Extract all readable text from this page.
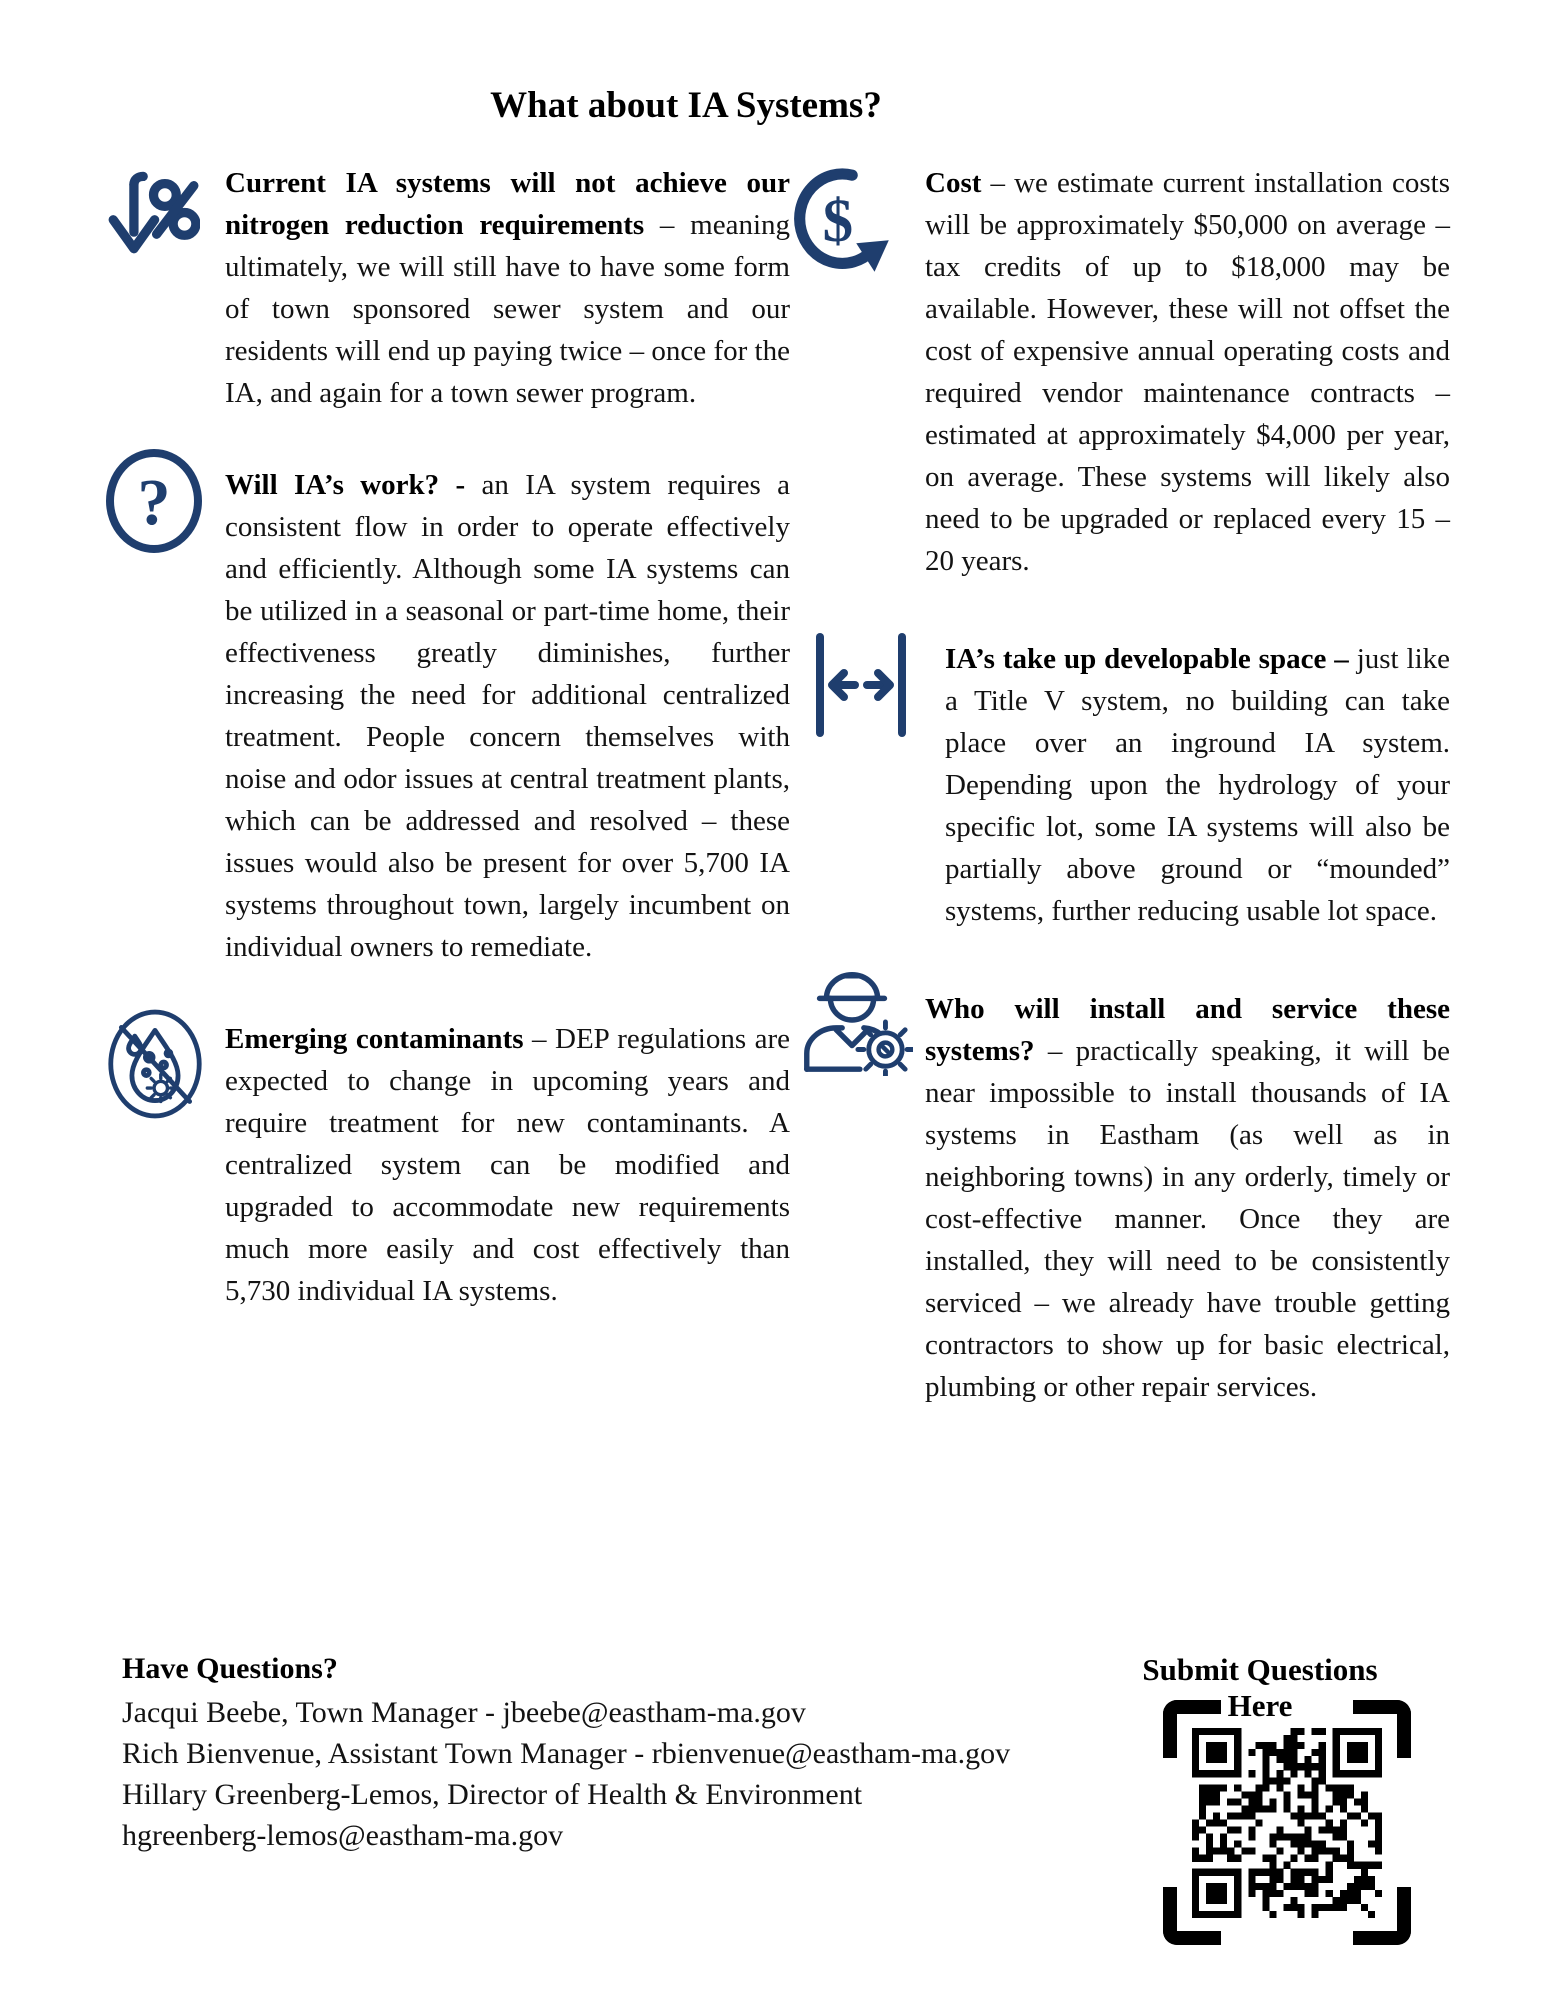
What about IA Systems?

Current IA systems will not achieve our nitrogen reduction requirements – meaning ultimately, we will still have to have some form of town sponsored sewer system and our residents will end up paying twice – once for the IA, and again for a town sewer program.

? Will IA’s work? - an IA system requires a consistent flow in order to operate effectively and efficiently. Although some IA systems can be utilized in a seasonal or part-time home, their effectiveness greatly diminishes, further increasing the need for additional centralized treatment. People concern themselves with noise and odor issues at central treatment plants, which can be addressed and resolved – these issues would also be present for over 5,700 IA systems throughout town, largely incumbent on individual owners to remediate.

Emerging contaminants – DEP regulations are expected to change in upcoming years and require treatment for new contaminants. A centralized system can be modified and upgraded to accommodate new requirements much more easily and cost effectively than 5,730 individual IA systems.

$

Cost – we estimate current installation costs will be approximately $50,000 on average – tax credits of up to $18,000 may be available. However, these will not offset the cost of expensive annual operating costs and required vendor maintenance contracts – estimated at approximately $4,000 per year, on average. These systems will likely also need to be upgraded or replaced every 15 – 20 years.

IA’s take up developable space – just like a Title V system, no building can take place over an inground IA system. Depending upon the hydrology of your specific lot, some IA systems will also be partially above ground or “mounded” systems, further reducing usable lot space.

Who will install and service these systems? – practically speaking, it will be near impossible to install thousands of IA systems in Eastham (as well as in neighboring towns) in any orderly, timely or cost-effective manner. Once they are installed, they will need to be consistently serviced – we already have trouble getting contractors to show up for basic electrical, plumbing or other repair services.

Have Questions?
Jacqui Beebe, Town Manager - jbeebe@eastham-ma.gov
Rich Bienvenue, Assistant Town Manager - rbienvenue@eastham-ma.gov
Hillary Greenberg-Lemos, Director of Health & Environment
hgreenberg-lemos@eastham-ma.gov
Submit Questions Here
